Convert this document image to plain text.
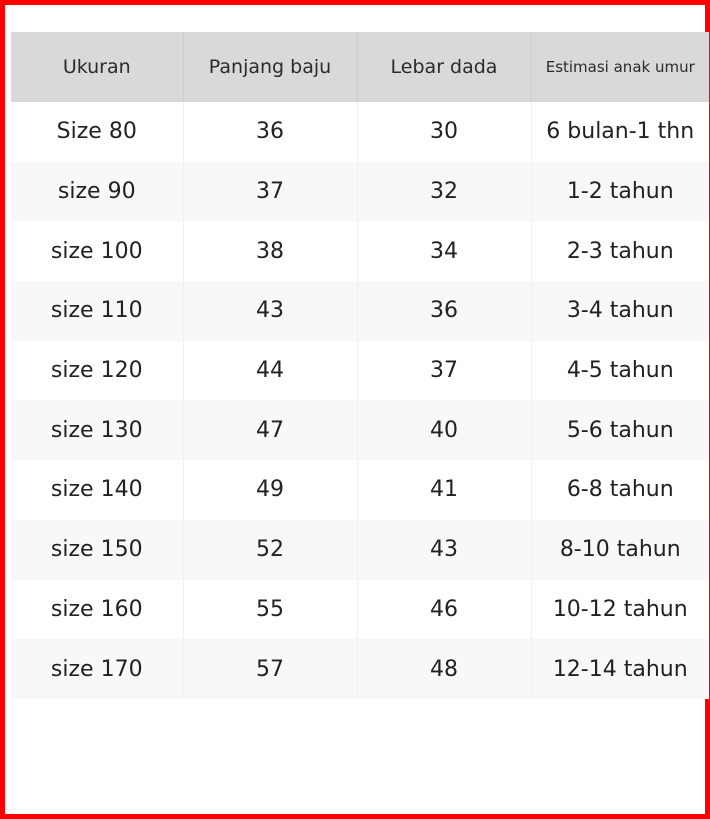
Ukuran	Panjang baju	Lebar dada	Estimasi anak umur
Size 80	36	30	6 bulan-1 thn
size 90	37	32	1-2 tahun
size 100	38	34	2-3 tahun
size 110	43	36	3-4 tahun
size 120	44	37	4-5 tahun
size 130	47	40	5-6 tahun
size 140	49	41	6-8 tahun
size 150	52	43	8-10 tahun
size 160	55	46	10-12 tahun
size 170	57	48	12-14 tahun
